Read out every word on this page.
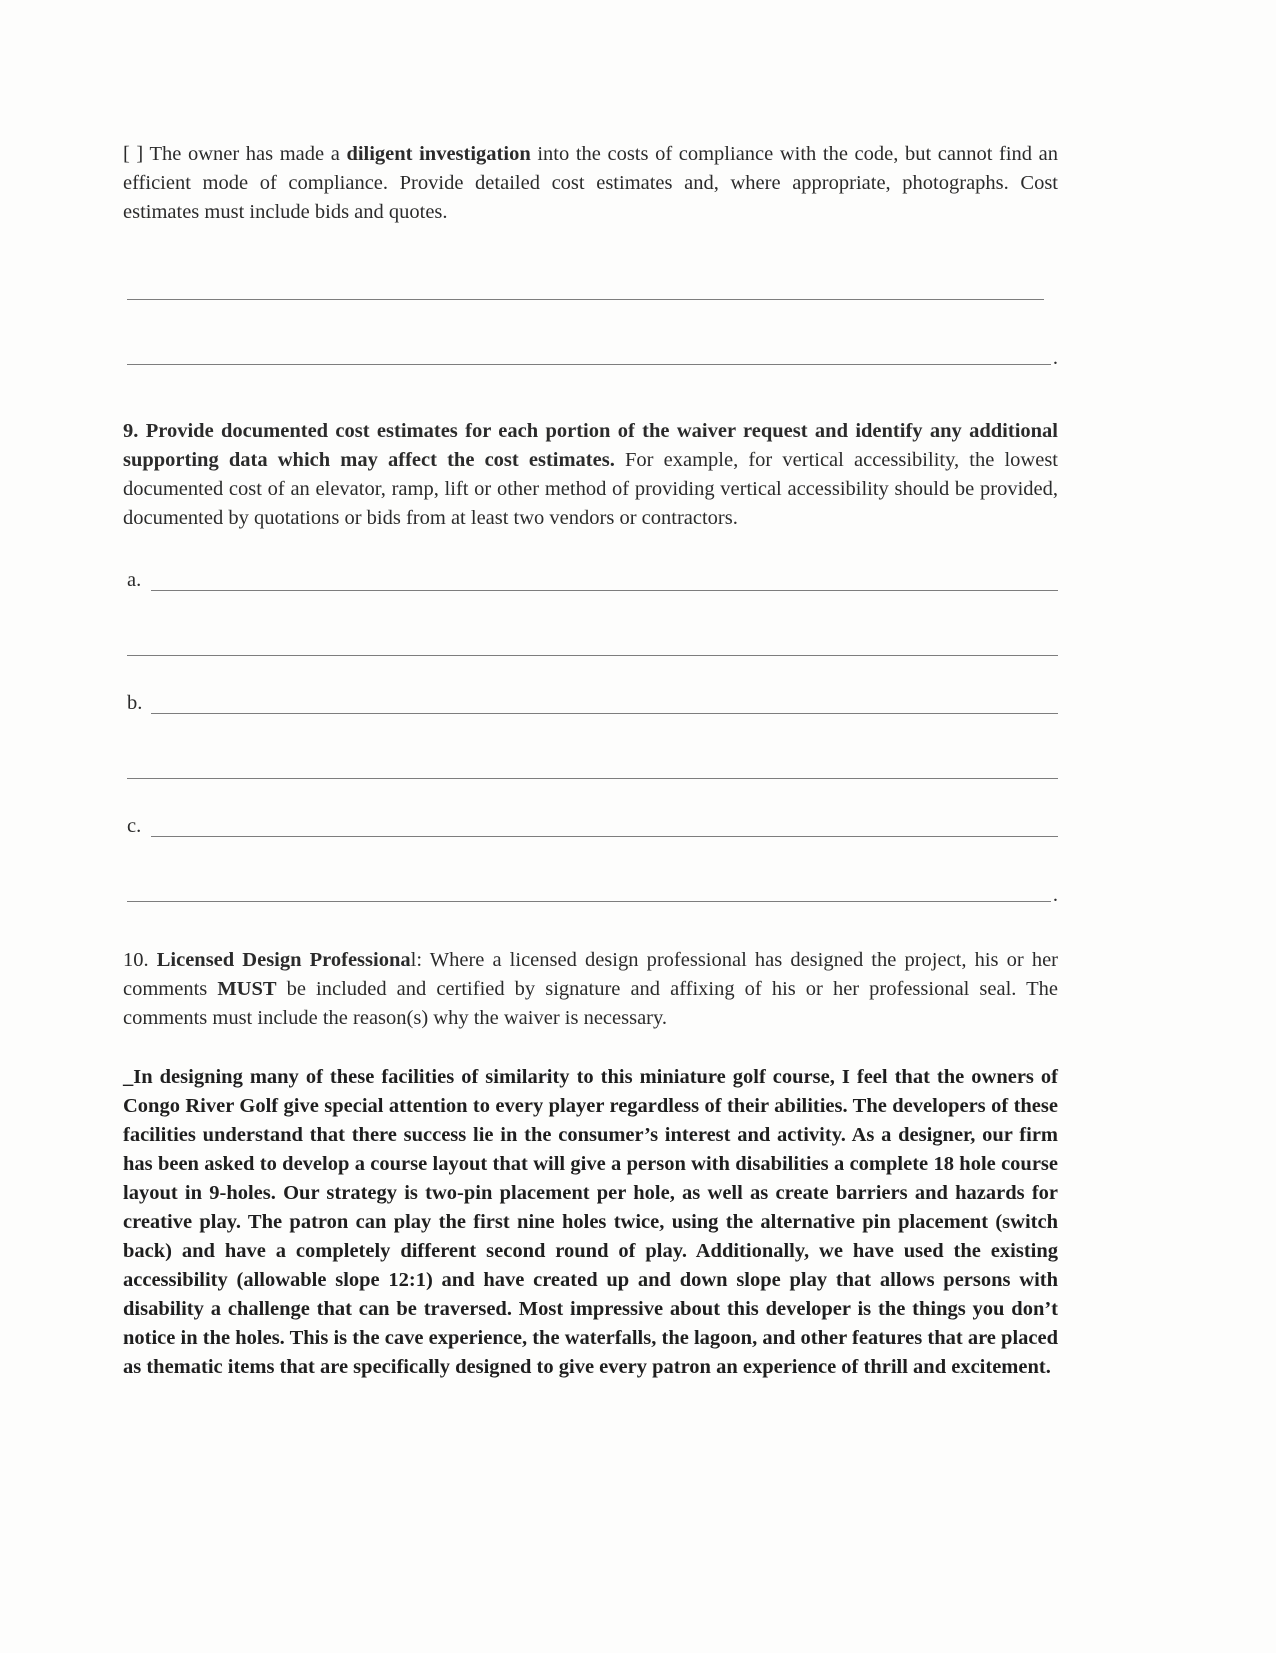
[ ] The owner has made a diligent investigation into the costs of compliance with the code, but cannot find an efficient mode of compliance. Provide detailed cost estimates and, where appropriate, photographs. Cost estimates must include bids and quotes.

.

9. Provide documented cost estimates for each portion of the waiver request and identify any additional supporting data which may affect the cost estimates. For example, for vertical accessibility, the lowest documented cost of an elevator, ramp, lift or other method of providing vertical accessibility should be provided, documented by quotations or bids from at least two vendors or contractors.

a.
b.
c.
.

10. Licensed Design Professional: Where a licensed design professional has designed the project, his or her comments MUST be included and certified by signature and affixing of his or her professional seal. The comments must include the reason(s) why the waiver is necessary.

_In designing many of these facilities of similarity to this miniature golf course, I feel that the owners of Congo River Golf give special attention to every player regardless of their abilities. The developers of these facilities understand that there success lie in the consumer’s interest and activity. As a designer, our firm has been asked to develop a course layout that will give a person with disabilities a complete 18 hole course layout in 9-holes. Our strategy is two-pin placement per hole, as well as create barriers and hazards for creative play. The patron can play the first nine holes twice, using the alternative pin placement (switch back) and have a completely different second round of play. Additionally, we have used the existing accessibility (allowable slope 12:1) and have created up and down slope play that allows persons with disability a challenge that can be traversed. Most impressive about this developer is the things you don’t notice in the holes. This is the cave experience, the waterfalls, the lagoon, and other features that are placed as thematic items that are specifically designed to give every patron an experience of thrill and excitement.
